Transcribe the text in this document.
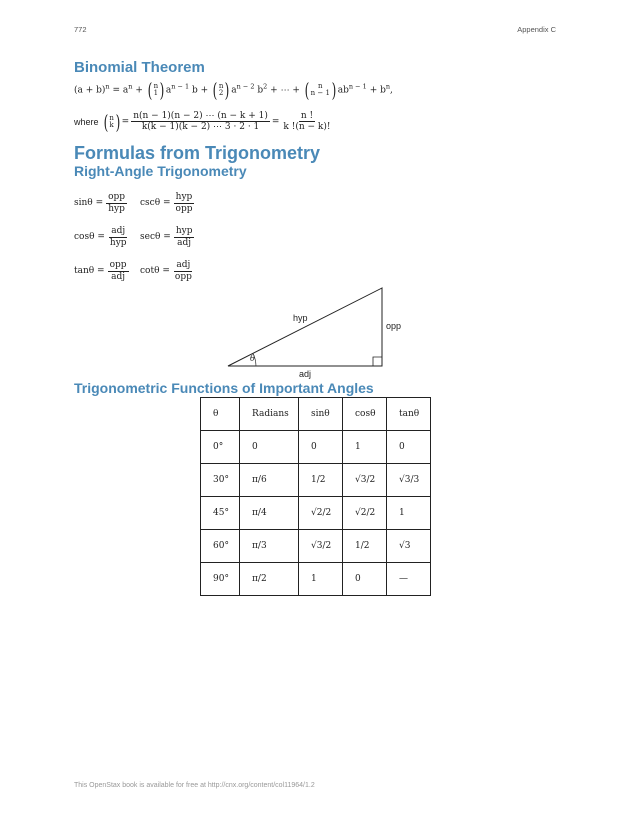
772	Appendix C
Binomial Theorem
$(a + b)^n = a^n$ + ( n
1 ) $a^{n - 1}$ b + ( n
2 ) $a^{n - 2}$ $b^2$ + ⋯ + ( n
n − 1 ) $ab^{n - 1} + b^n$,
where ( n
k ) = $\frac{n(n - 1)(n - 2) \cdots (n - k + 1)}{k(k - 1)(k - 2) \cdots 3 \cdot 2 \cdot 1} = \frac{n !}{k !(n - k)!}$
Formulas from Trigonometry
Right-Angle Trigonometry
$\sin\theta = \frac{\text{opp}}{\text{hyp}}$ $\csc\theta = \frac{\text{hyp}}{\text{opp}}$
$\cos\theta = \frac{\text{adj}}{\text{hyp}}$ $\sec\theta = \frac{\text{hyp}}{\text{adj}}$
$\tan\theta = \frac{\text{opp}}{\text{adj}}$ $\cot\theta = \frac{\text{adj}}{\text{opp}}$
hyp
opp
adj
θ
Trigonometric Functions of Important Angles
θ	Radians	sinθ	cosθ	tanθ
0°	0	0	1	0
30°	π/6	1/2	√3/2	√3/3
45°	π/4	√2/2	√2/2	1
60°	π/3	√3/2	1/2	√3
90°	π/2	1	0	—
This OpenStax book is available for free at http://cnx.org/content/col11964/1.2
